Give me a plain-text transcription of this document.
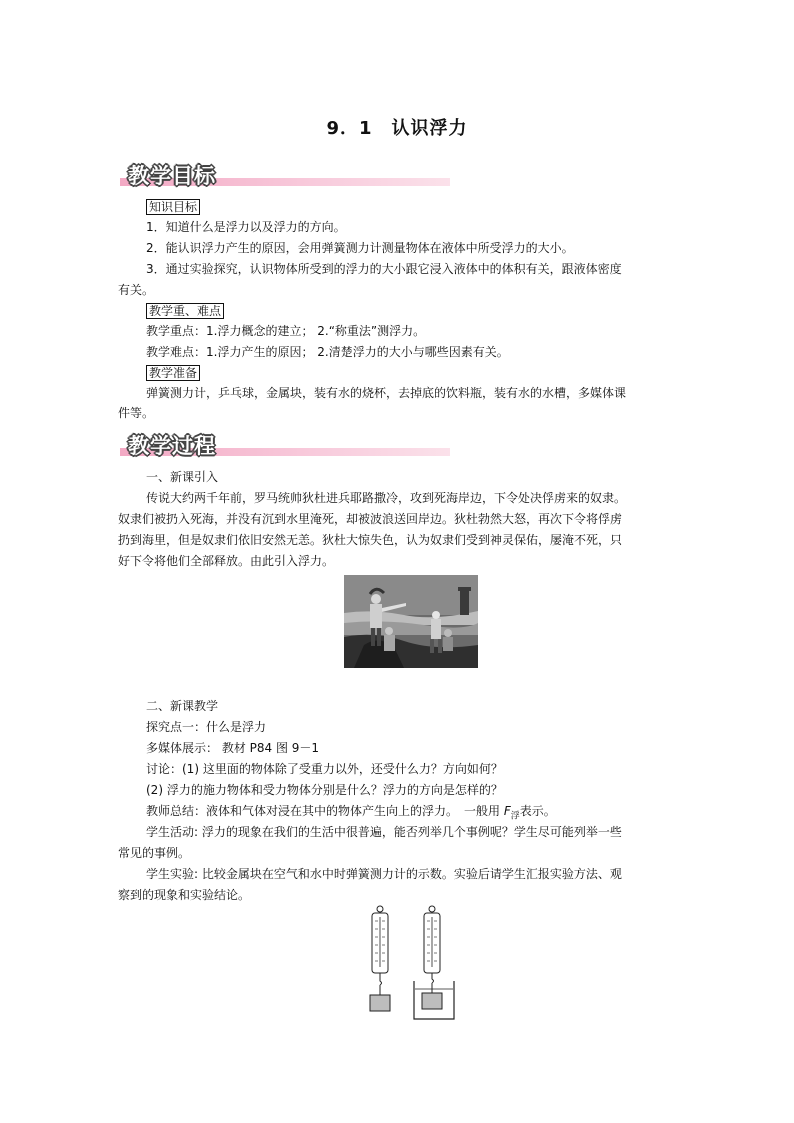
9．1　认识浮力
教学目标
知识目标
1．知道什么是浮力以及浮力的方向。
2．能认识浮力产生的原因，会用弹簧测力计测量物体在液体中所受浮力的大小。
3．通过实验探究，认识物体所受到的浮力的大小跟它浸入液体中的体积有关，跟液体密度
有关。
教学重、难点
教学重点：1.浮力概念的建立； 2.“称重法”测浮力。
教学难点：1.浮力产生的原因； 2.清楚浮力的大小与哪些因素有关。
教学准备
弹簧测力计，乒乓球，金属块，装有水的烧杯，去掉底的饮料瓶，装有水的水槽，多媒体课
件等。
教学过程
一、新课引入
传说大约两千年前，罗马统帅狄杜进兵耶路撒冷，攻到死海岸边，下令处决俘虏来的奴隶。
奴隶们被扔入死海，并没有沉到水里淹死，却被波浪送回岸边。狄杜勃然大怒，再次下令将俘虏
扔到海里，但是奴隶们依旧安然无恙。狄杜大惊失色，认为奴隶们受到神灵保佑，屡淹不死，只
好下令将他们全部释放。由此引入浮力。
二、新课教学
探究点一：什么是浮力
多媒体展示： 教材 P84 图 9－1
讨论：(1) 这里面的物体除了受重力以外，还受什么力？方向如何？
(2) 浮力的施力物体和受力物体分别是什么？浮力的方向是怎样的？
教师总结：液体和气体对浸在其中的物体产生向上的浮力。　一般用 $F_浮$表示。
学生活动: 浮力的现象在我们的生活中很普遍，能否列举几个事例呢？学生尽可能列举一些
常见的事例。
学生实验: 比较金属块在空气和水中时弹簧测力计的示数。实验后请学生汇报实验方法、观
察到的现象和实验结论。
